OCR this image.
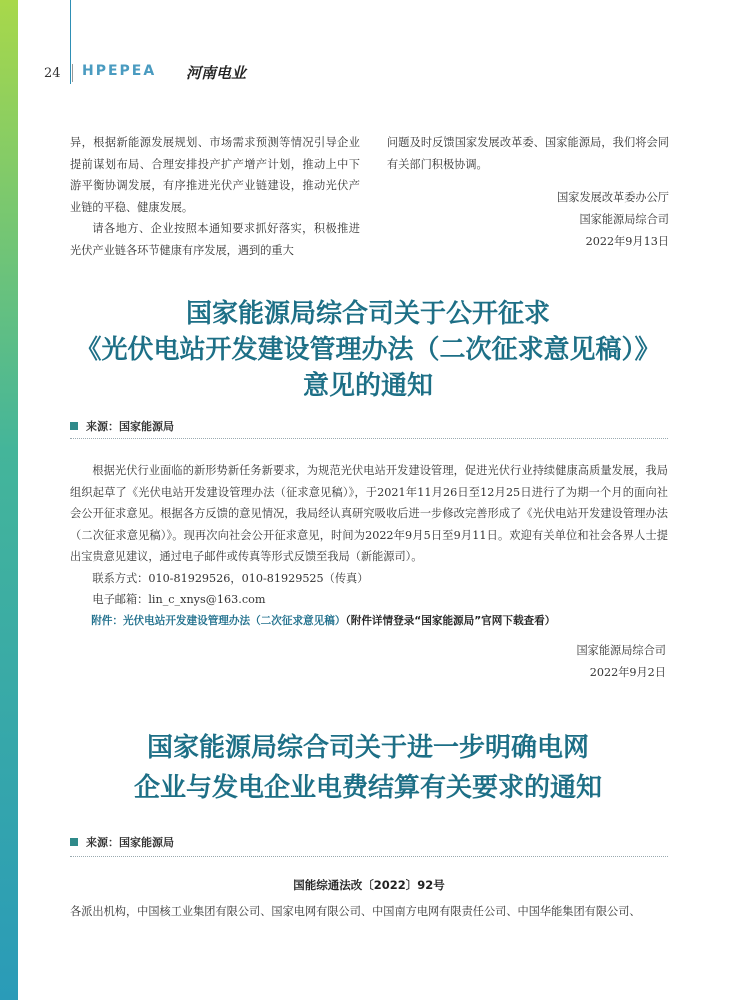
24 HPEPEA 河南电业

异，根据新能源发展规划、市场需求预测等情况引导企业提前谋划布局、合理安排投产扩产增产计划，推动上中下游平衡协调发展，有序推进光伏产业链建设，推动光伏产业链的平稳、健康发展。

请各地方、企业按照本通知要求抓好落实，积极推进光伏产业链各环节健康有序发展，遇到的重大

问题及时反馈国家发展改革委、国家能源局，我们将会同有关部门积极协调。

国家发展改革委办公厅
国家能源局综合司
2022年9月13日
国家能源局综合司关于公开征求
《光伏电站开发建设管理办法（二次征求意见稿）》
意见的通知
来源：国家能源局

根据光伏行业面临的新形势新任务新要求，为规范光伏电站开发建设管理，促进光伏行业持续健康高质量发展，我局组织起草了《光伏电站开发建设管理办法（征求意见稿）》，于2021年11月26日至12月25日进行了为期一个月的面向社会公开征求意见。根据各方反馈的意见情况，我局经认真研究吸收后进一步修改完善形成了《光伏电站开发建设管理办法（二次征求意见稿）》。现再次向社会公开征求意见，时间为2022年9月5日至9月11日。欢迎有关单位和社会各界人士提出宝贵意见建议，通过电子邮件或传真等形式反馈至我局（新能源司）。

联系方式：010-81929526，010-81929525（传真）

电子邮箱：lin_c_xnys@163.com

附件：光伏电站开发建设管理办法（二次征求意见稿）（附件详情登录“国家能源局”官网下载查看）

国家能源局综合司
2022年9月2日
国家能源局综合司关于进一步明确电网
企业与发电企业电费结算有关要求的通知
来源：国家能源局
国能综通法改〔2022〕92号
各派出机构，中国核工业集团有限公司、国家电网有限公司、中国南方电网有限责任公司、中国华能集团有限公司、
